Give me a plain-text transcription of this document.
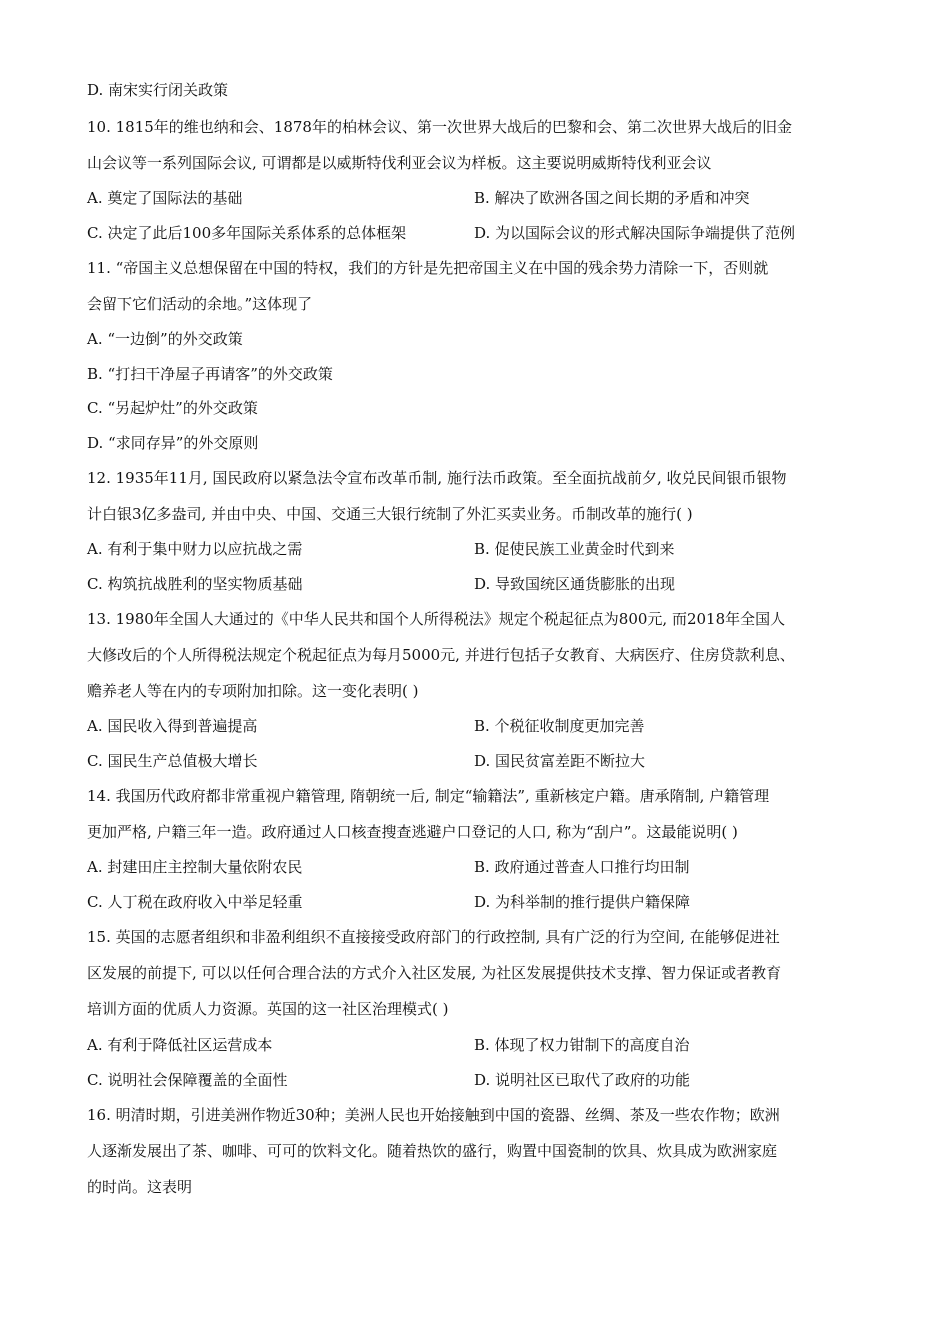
D. 南宋实行闭关政策
10. 1815年的维也纳和会、1878年的柏林会议、第一次世界大战后的巴黎和会、第二次世界大战后的旧金
山会议等一系列国际会议, 可谓都是以威斯特伐利亚会议为样板。这主要说明威斯特伐利亚会议
A. 奠定了国际法的基础	B. 解决了欧洲各国之间长期的矛盾和冲突
C. 决定了此后100多年国际关系体系的总体框架	D. 为以国际会议的形式解决国际争端提供了范例
11. “帝国主义总想保留在中国的特权，我们的方针是先把帝国主义在中国的残余势力清除一下，否则就
会留下它们活动的余地。”这体现了
A. “一边倒”的外交政策
B. “打扫干净屋子再请客”的外交政策
C. “另起炉灶”的外交政策
D. “求同存异”的外交原则
12. 1935年11月, 国民政府以紧急法令宣布改革币制, 施行法币政策。至全面抗战前夕, 收兑民间银币银物
计白银3亿多盎司, 并由中央、中国、交通三大银行统制了外汇买卖业务。币制改革的施行( )
A. 有利于集中财力以应抗战之需	B. 促使民族工业黄金时代到来
C. 构筑抗战胜利的坚实物质基础	D. 导致国统区通货膨胀的出现
13. 1980年全国人大通过的《中华人民共和国个人所得税法》规定个税起征点为800元, 而2018年全国人
大修改后的个人所得税法规定个税起征点为每月5000元, 并进行包括子女教育、大病医疗、住房贷款利息、
赡养老人等在内的专项附加扣除。这一变化表明( )
A. 国民收入得到普遍提高	B. 个税征收制度更加完善
C. 国民生产总值极大增长	D. 国民贫富差距不断拉大
14. 我国历代政府都非常重视户籍管理, 隋朝统一后, 制定“输籍法”, 重新核定户籍。唐承隋制, 户籍管理
更加严格, 户籍三年一造。政府通过人口核查搜查逃避户口登记的人口, 称为“刮户”。这最能说明( )
A. 封建田庄主控制大量依附农民	B. 政府通过普查人口推行均田制
C. 人丁税在政府收入中举足轻重	D. 为科举制的推行提供户籍保障
15. 英国的志愿者组织和非盈利组织不直接接受政府部门的行政控制, 具有广泛的行为空间, 在能够促进社
区发展的前提下, 可以以任何合理合法的方式介入社区发展, 为社区发展提供技术支撑、智力保证或者教育
培训方面的优质人力资源。英国的这一社区治理模式( )
A. 有利于降低社区运营成本	B. 体现了权力钳制下的高度自治
C. 说明社会保障覆盖的全面性	D. 说明社区已取代了政府的功能
16. 明清时期，引进美洲作物近30种；美洲人民也开始接触到中国的瓷器、丝绸、茶及一些农作物；欧洲
人逐渐发展出了茶、咖啡、可可的饮料文化。随着热饮的盛行，购置中国瓷制的饮具、炊具成为欧洲家庭
的时尚。这表明
